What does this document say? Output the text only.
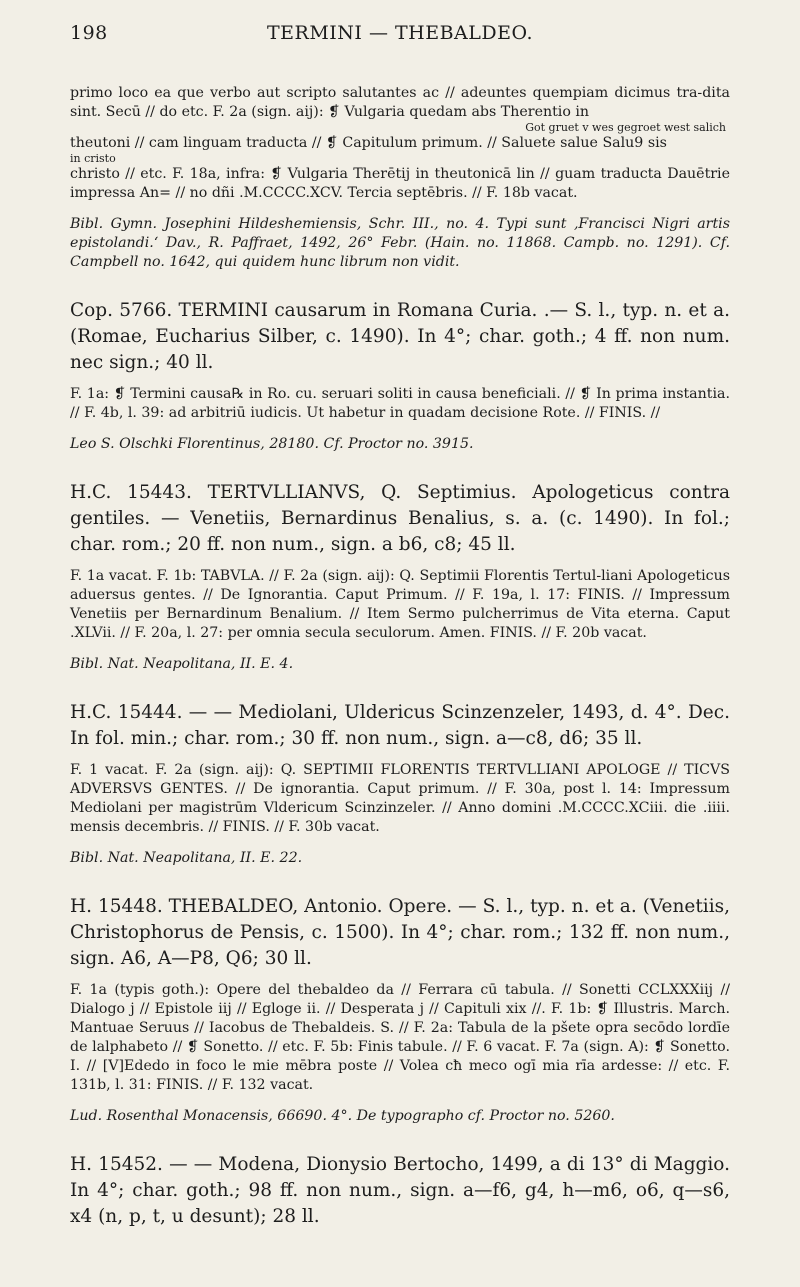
198	TERMINI — THEBALDEO.

primo loco ea que verbo aut scripto salutantes ac // adeuntes quempiam dicimus tra-dita sint. Secū // do etc. F. 2a (sign. aij): ❡ Vulgaria quedam abs Therentio in

Got gruet v wes gegroet west salich

theutoni // cam linguam traducta // ❡ Capitulum primum. // Saluete salue Salu9 sis

in cristo

christo // etc. F. 18a, infra: ❡ Vulgaria Therētij in theutonicā lin // guam traducta Dauētrie impressa An= // no dñi .M.CCCC.XCV. Tercia septēbris. // F. 18b vacat.

Bibl. Gymn. Josephini Hildeshemiensis, Schr. III., no. 4. Typi sunt ‚Francisci Nigri artis epistolandi.‘ Dav., R. Paffraet, 1492, 26° Febr. (Hain. no. 11868. Campb. no. 1291). Cf. Campbell no. 1642, qui quidem hunc librum non vidit.

Cop. 5766. TERMINI causarum in Romana Curia. .— S. l., typ. n. et a. (Romae, Eucharius Silber, c. 1490). In 4°; char. goth.; 4 ff. non num. nec sign.; 40 ll.

F. 1a: ❡ Termini causa℞ in Ro. cu. seruari soliti in causa beneficiali. // ❡ In prima instantia. // F. 4b, l. 39: ad arbitriū iudicis. Ut habetur in quadam decisione Rote. // FINIS. //

Leo S. Olschki Florentinus, 28180. Cf. Proctor no. 3915.

H.C. 15443. TERTVLLIANVS, Q. Septimius. Apologeticus contra gentiles. — Venetiis, Bernardinus Benalius, s. a. (c. 1490). In fol.; char. rom.; 20 ff. non num., sign. a b6, c8; 45 ll.

F. 1a vacat. F. 1b: TABVLA. // F. 2a (sign. aij): Q. Septimii Florentis Tertul-liani Apologeticus aduersus gentes. // De Ignorantia. Caput Primum. // F. 19a, l. 17: FINIS. // Impressum Venetiis per Bernardinum Benalium. // Item Sermo pulcherrimus de Vita eterna. Caput .XLVii. // F. 20a, l. 27: per omnia secula seculorum. Amen. FINIS. // F. 20b vacat.

Bibl. Nat. Neapolitana, II. E. 4.

H.C. 15444. — — Mediolani, Uldericus Scinzenzeler, 1493, d. 4°. Dec. In fol. min.; char. rom.; 30 ff. non num., sign. a—c8, d6; 35 ll.

F. 1 vacat. F. 2a (sign. aij): Q. SEPTIMII FLORENTIS TERTVLLIANI APOLOGE // TICVS ADVERSVS GENTES. // De ignorantia. Caput primum. // F. 30a, post l. 14: Impressum Mediolani per magistrūm Vldericum Scinzinzeler. // Anno domini .M.CCCC.XCiii. die .iiii. mensis decembris. // FINIS. // F. 30b vacat.

Bibl. Nat. Neapolitana, II. E. 22.

H. 15448. THEBALDEO, Antonio. Opere. — S. l., typ. n. et a. (Venetiis, Christophorus de Pensis, c. 1500). In 4°; char. rom.; 132 ff. non num., sign. A6, A—P8, Q6; 30 ll.

F. 1a (typis goth.): Opere del thebaldeo da // Ferrara cū tabula. // Sonetti CCLXXXiij // Dialogo j // Epistole iij // Egloge ii. // Desperata j // Capituli xix //. F. 1b: ❡ Illustris. March. Mantuae Seruus // Iacobus de Thebaldeis. S. // F. 2a: Tabula de la pšete opra secōdo lordīe de lalphabeto // ❡ Sonetto. // etc. F. 5b: Finis tabule. // F. 6 vacat. F. 7a (sign. A): ❡ Sonetto. I. // [V]Ededo in foco le mie mēbra poste // Volea cħ meco ogī mia rīa ardesse: // etc. F. 131b, l. 31: FINIS. // F. 132 vacat.

Lud. Rosenthal Monacensis, 66690. 4°. De typographo cf. Proctor no. 5260.

H. 15452. — — Modena, Dionysio Bertocho, 1499, a di 13° di Maggio. In 4°; char. goth.; 98 ff. non num., sign. a—f6, g4, h—m6, o6, q—s6, x4 (n, p, t, u desunt); 28 ll.
